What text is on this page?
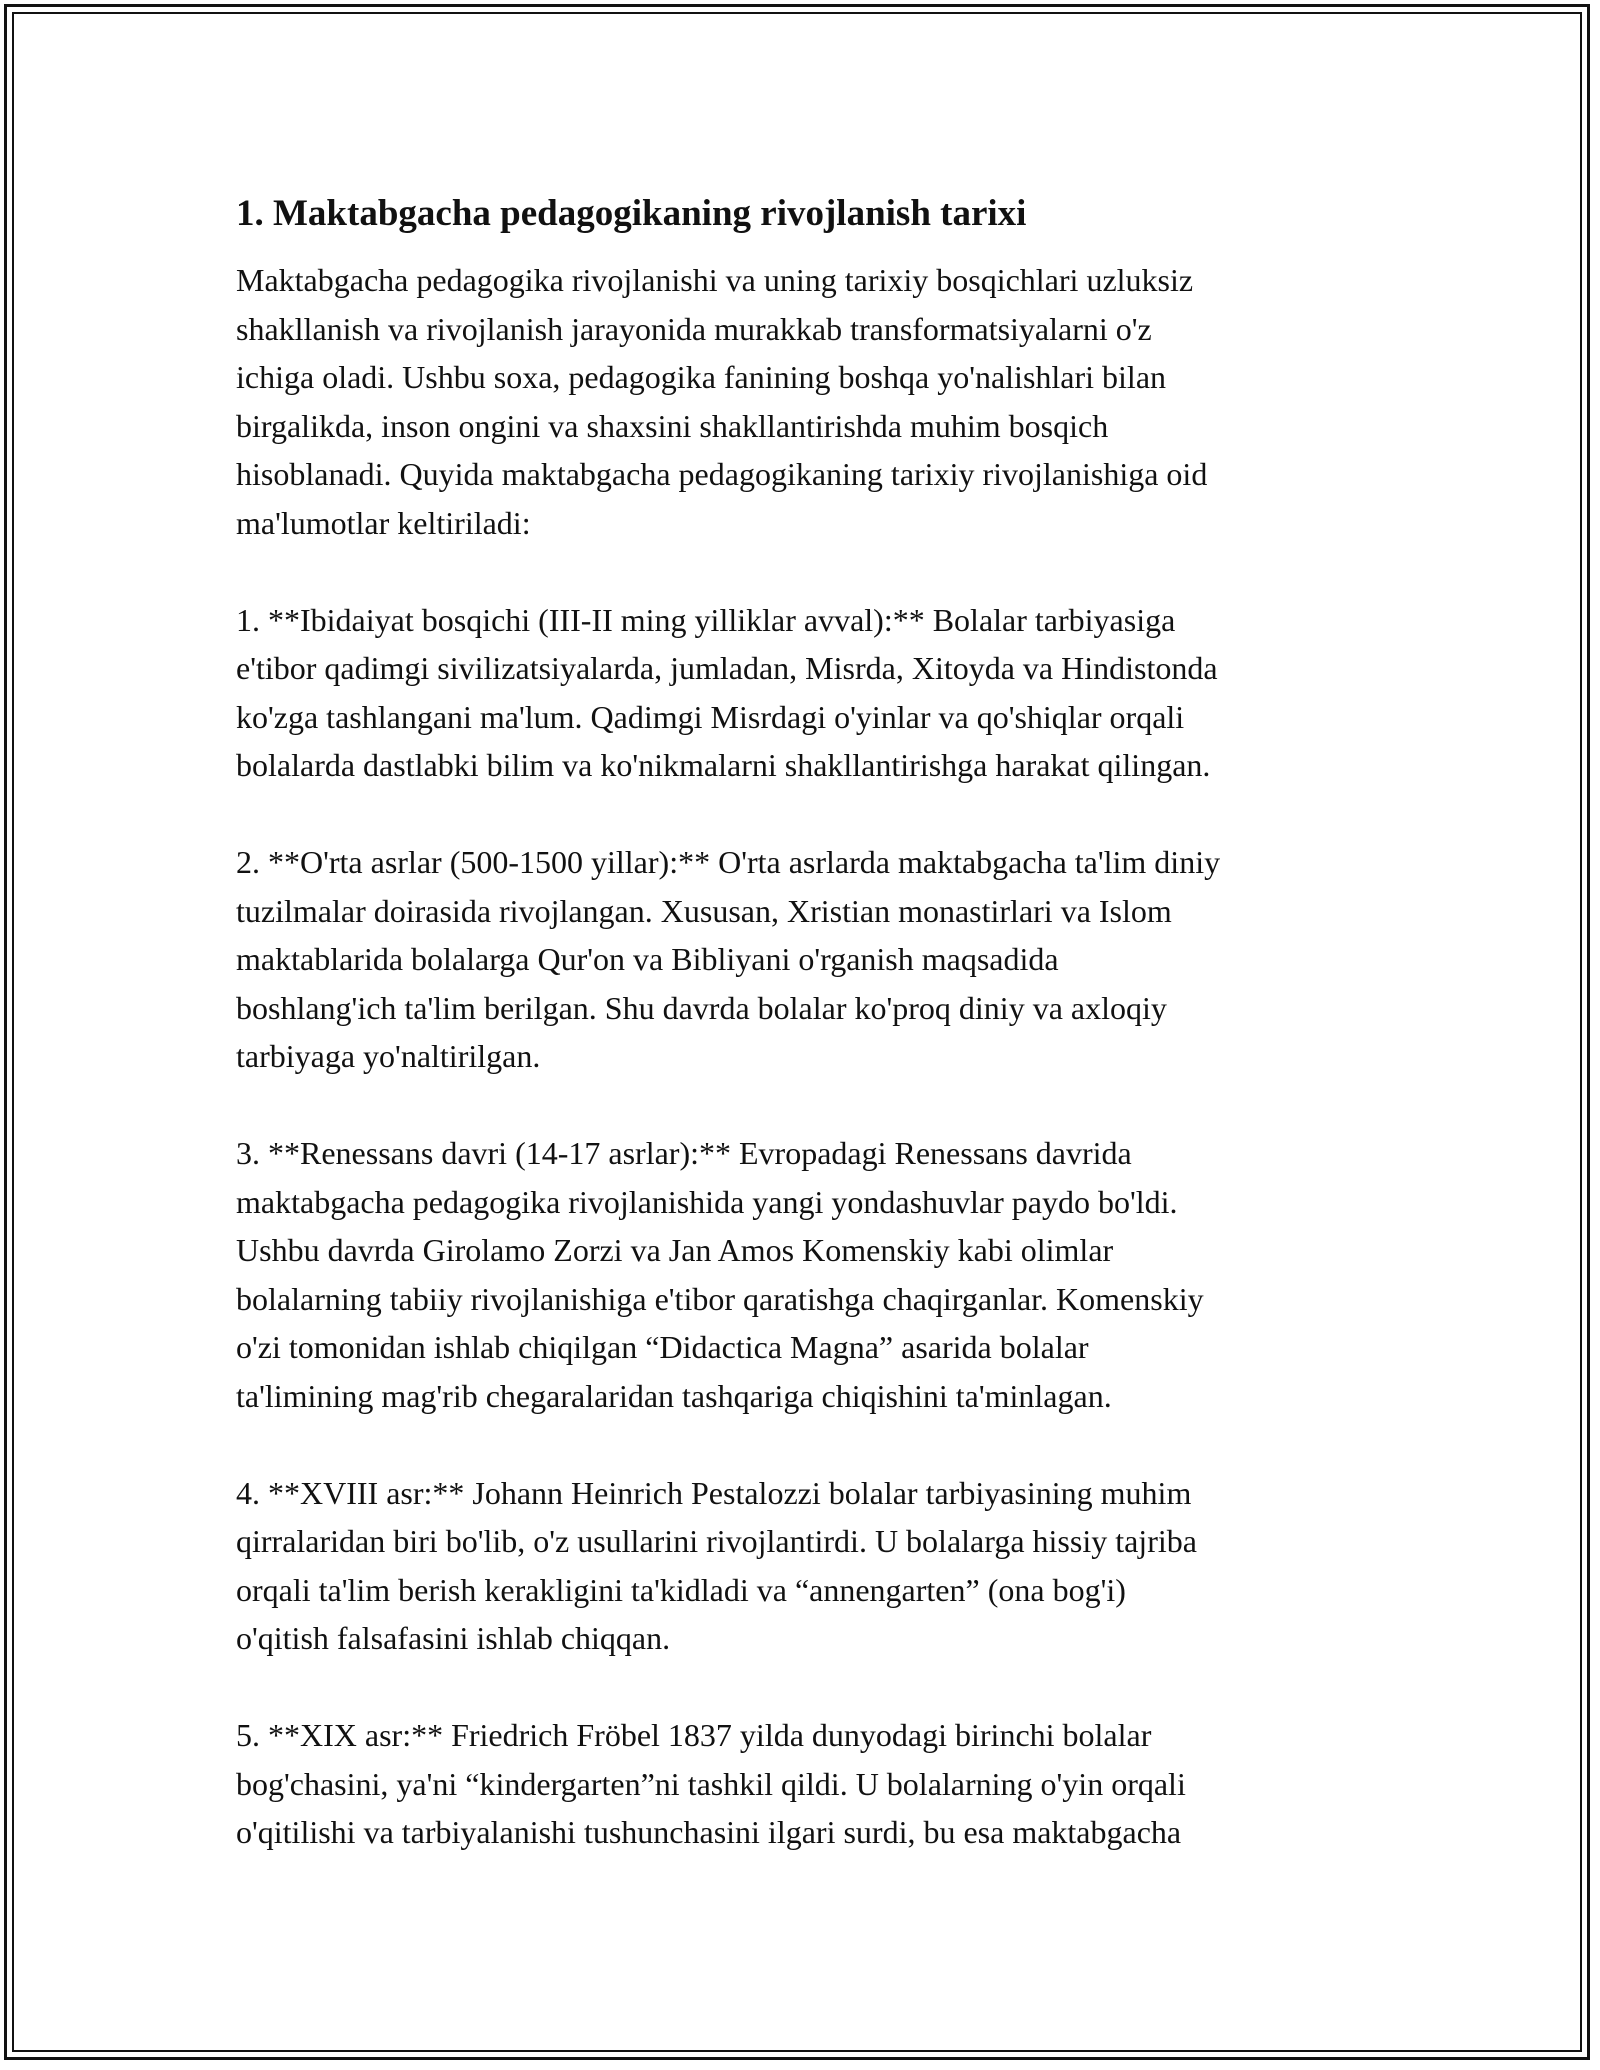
1. Maktabgacha pedagogikaning rivojlanish tarixi
Maktabgacha pedagogika rivojlanishi va uning tarixiy bosqichlari uzluksiz
shakllanish va rivojlanish jarayonida murakkab transformatsiyalarni o'z
ichiga oladi. Ushbu soxa, pedagogika fanining boshqa yo'nalishlari bilan
birgalikda, inson ongini va shaxsini shakllantirishda muhim bosqich
hisoblanadi. Quyida maktabgacha pedagogikaning tarixiy rivojlanishiga oid
ma'lumotlar keltiriladi:
1. **Ibidaiyat bosqichi (III-II ming yilliklar avval):** Bolalar tarbiyasiga
e'tibor qadimgi sivilizatsiyalarda, jumladan, Misrda, Xitoyda va Hindistonda
ko'zga tashlangani ma'lum. Qadimgi Misrdagi o'yinlar va qo'shiqlar orqali
bolalarda dastlabki bilim va ko'nikmalarni shakllantirishga harakat qilingan.
2. **O'rta asrlar (500-1500 yillar):** O'rta asrlarda maktabgacha ta'lim diniy
tuzilmalar doirasida rivojlangan. Xususan, Xristian monastirlari va Islom
maktablarida bolalarga Qur'on va Bibliyani o'rganish maqsadida
boshlang'ich ta'lim berilgan. Shu davrda bolalar ko'proq diniy va axloqiy
tarbiyaga yo'naltirilgan.
3. **Renessans davri (14-17 asrlar):** Evropadagi Renessans davrida
maktabgacha pedagogika rivojlanishida yangi yondashuvlar paydo bo'ldi.
Ushbu davrda Girolamo Zorzi va Jan Amos Komenskiy kabi olimlar
bolalarning tabiiy rivojlanishiga e'tibor qaratishga chaqirganlar. Komenskiy
o'zi tomonidan ishlab chiqilgan “Didactica Magna” asarida bolalar
ta'limining mag'rib chegaralaridan tashqariga chiqishini ta'minlagan.
4. **XVIII asr:** Johann Heinrich Pestalozzi bolalar tarbiyasining muhim
qirralaridan biri bo'lib, o'z usullarini rivojlantirdi. U bolalarga hissiy tajriba
orqali ta'lim berish kerakligini ta'kidladi va “annengarten” (ona bog'i)
o'qitish falsafasini ishlab chiqqan.
5. **XIX asr:** Friedrich Fröbel 1837 yilda dunyodagi birinchi bolalar
bog'chasini, ya'ni “kindergarten”ni tashkil qildi. U bolalarning o'yin orqali
o'qitilishi va tarbiyalanishi tushunchasini ilgari surdi, bu esa maktabgacha
